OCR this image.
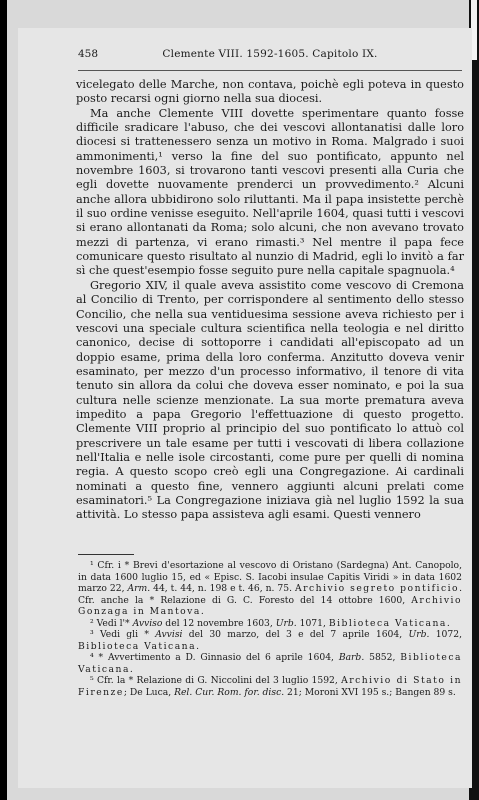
458	Clemente VIII. 1592-1605. Capitolo IX.

vicelegato delle Marche, non contava, poichè egli poteva in questo posto recarsi ogni giorno nella sua diocesi.

Ma anche Clemente VIII dovette sperimentare quanto fosse difficile sradicare l'abuso, che dei vescovi allontanatisi dalle loro diocesi si trattenessero senza un motivo in Roma. Malgrado i suoi ammonimenti,¹ verso la fine del suo pontificato, appunto nel novembre 1603, si trovarono tanti vescovi presenti alla Curia che egli dovette nuovamente prenderci un provvedimento.² Alcuni anche allora ubbidirono solo riluttanti. Ma il papa insistette perchè il suo ordine venisse eseguito. Nell'aprile 1604, quasi tutti i vescovi si erano allontanati da Roma; solo alcuni, che non avevano trovato mezzi di partenza, vi erano rimasti.³ Nel mentre il papa fece comunicare questo risultato al nunzio di Madrid, egli lo invitò a far sì che quest'esempio fosse seguito pure nella capitale spagnuola.⁴

Gregorio XIV, il quale aveva assistito come vescovo di Cremona al Concilio di Trento, per corrispondere al sentimento dello stesso Concilio, che nella sua ventiduesima sessione aveva richiesto per i vescovi una speciale cultura scientifica nella teologia e nel diritto canonico, decise di sottoporre i candidati all'episcopato ad un doppio esame, prima della loro conferma. Anzitutto doveva venir esaminato, per mezzo d'un processo informativo, il tenore di vita tenuto sin allora da colui che doveva esser nominato, e poi la sua cultura nelle scienze menzionate. La sua morte prematura aveva impedito a papa Gregorio l'effettuazione di questo progetto. Clemente VIII proprio al principio del suo pontificato lo attuò col prescrivere un tale esame per tutti i vescovati di libera collazione nell'Italia e nelle isole circostanti, come pure per quelli di nomina regia. A questo scopo creò egli una Congregazione. Ai cardinali nominati a questo fine, vennero aggiunti alcuni prelati come esaminatori.⁵ La Congregazione iniziava già nel luglio 1592 la sua attività. Lo stesso papa assisteva agli esami. Questi vennero

¹ Cfr. i * Brevi d'esortazione al vescovo di Oristano (Sardegna) Ant. Canopolo, in data 1600 luglio 15, ed « Episc. S. Iacobi insulae Capitis Viridi » in data 1602 marzo 22, Arm. 44, t. 44, n. 198 e t. 46, n. 75. Archivio segreto pontificio. Cfr. anche la * Relazione di G. C. Foresto del 14 ottobre 1600, Archivio Gonzaga in Mantova.

² Vedi l'* Avviso del 12 novembre 1603, Urb. 1071, Biblioteca Vaticana.

³ Vedi gli * Avvisi del 30 marzo, del 3 e del 7 aprile 1604, Urb. 1072, Biblioteca Vaticana.

⁴ * Avvertimento a D. Ginnasio del 6 aprile 1604, Barb. 5852, Biblioteca Vaticana.

⁵ Cfr. la * Relazione di G. Niccolini del 3 luglio 1592, Archivio di Stato in Firenze; De Luca, Rel. Cur. Rom. for. disc. 21; Moroni XVI 195 s.; Bangen 89 s.
